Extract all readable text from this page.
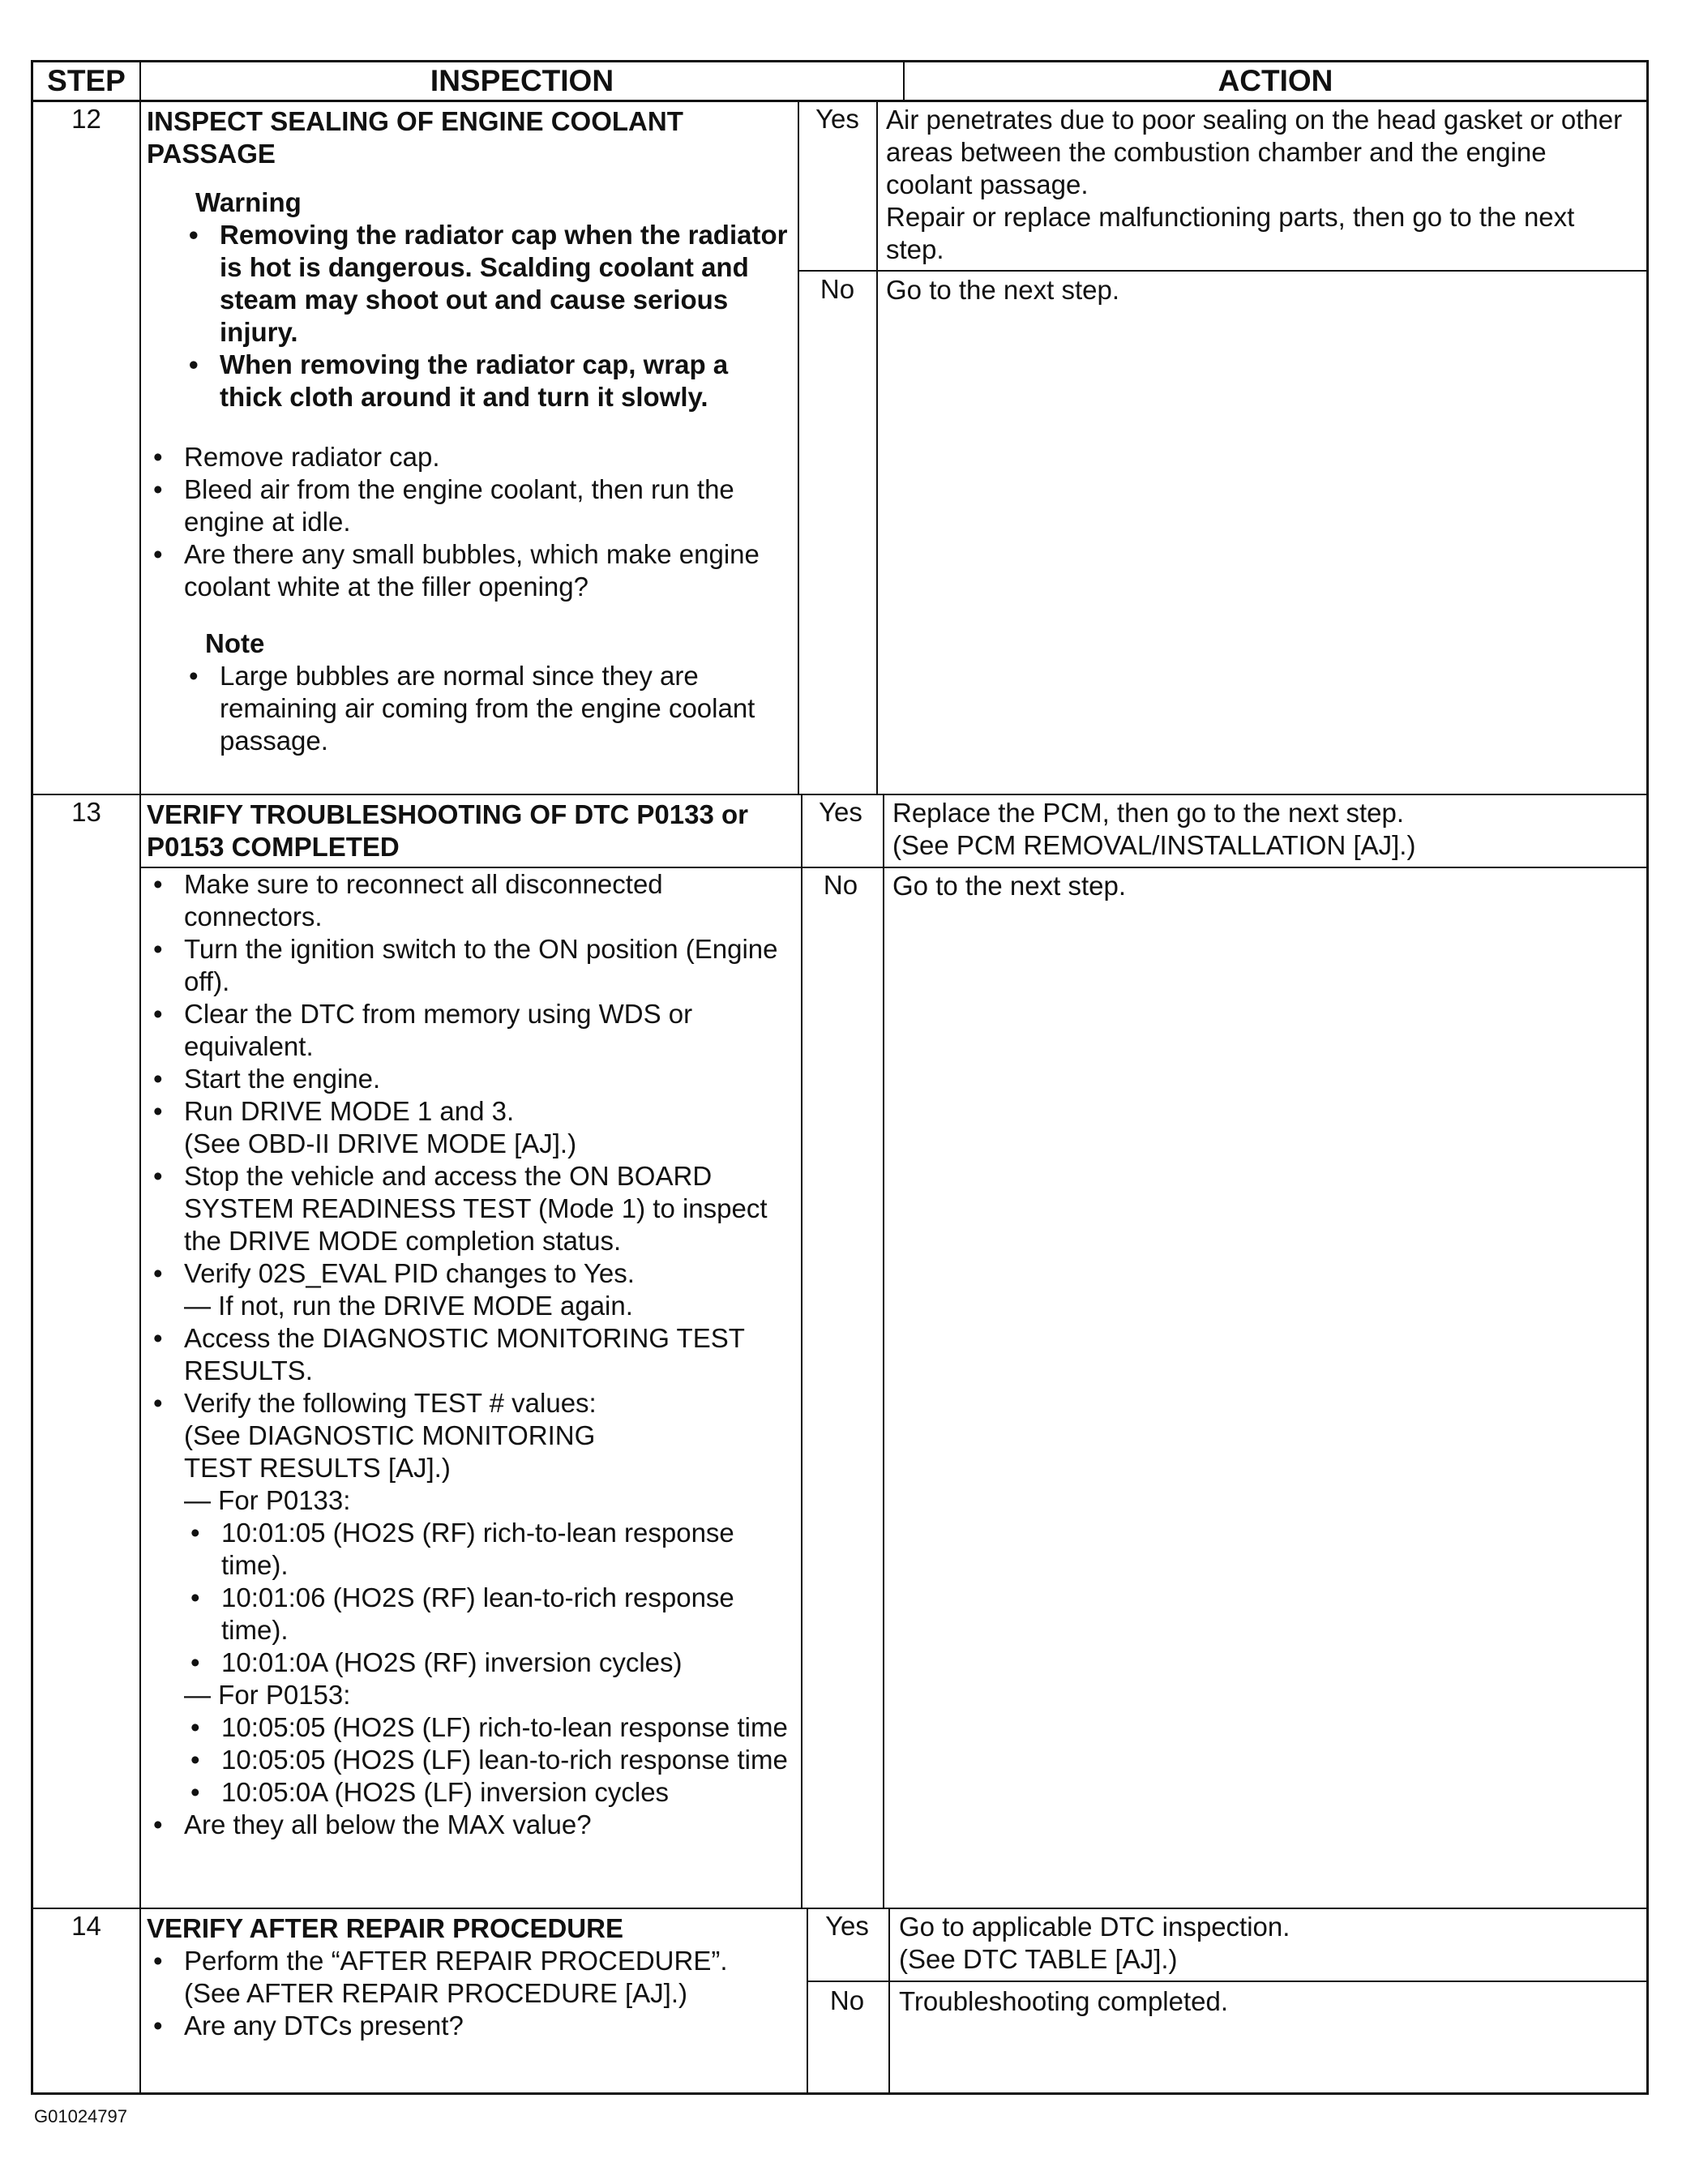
STEP	INSPECTION	ACTION
12	INSPECT SEALING OF ENGINE COOLANT
PASSAGE
Warning
• Removing the radiator cap when the radiator is hot is dangerous. Scalding coolant and steam may shoot out and cause serious injury.
• When removing the radiator cap, wrap a thick cloth around it and turn it slowly.
• Remove radiator cap.
• Bleed air from the engine coolant, then run the engine at idle.
• Are there any small bubbles, which make engine coolant white at the filler opening?
Note
• Large bubbles are normal since they are remaining air coming from the engine coolant passage.
Yes	Air penetrates due to poor sealing on the head gasket or other areas between the combustion chamber and the engine coolant passage.
Repair or replace malfunctioning parts, then go to the next step.
No	Go to the next step.
13	VERIFY TROUBLESHOOTING OF DTC P0133 or
P0153 COMPLETED
• Make sure to reconnect all disconnected connectors.
• Turn the ignition switch to the ON position (Engine off).
• Clear the DTC from memory using WDS or equivalent.
• Start the engine.
• Run DRIVE MODE 1 and 3.
(See OBD-II DRIVE MODE [AJ].)
• Stop the vehicle and access the ON BOARD SYSTEM READINESS TEST (Mode 1) to inspect the DRIVE MODE completion status.
• Verify 02S_EVAL PID changes to Yes.
— If not, run the DRIVE MODE again.
• Access the DIAGNOSTIC MONITORING TEST RESULTS.
• Verify the following TEST # values:
(See DIAGNOSTIC MONITORING
TEST RESULTS [AJ].)
— For P0133:
• 10:01:05 (HO2S (RF) rich-to-lean response time).
• 10:01:06 (HO2S (RF) lean-to-rich response time).
• 10:01:0A (HO2S (RF) inversion cycles)
— For P0153:
• 10:05:05 (HO2S (LF) rich-to-lean response time
• 10:05:05 (HO2S (LF) lean-to-rich response time
• 10:05:0A (HO2S (LF) inversion cycles
• Are they all below the MAX value?
Yes	Replace the PCM, then go to the next step.
(See PCM REMOVAL/INSTALLATION [AJ].)
No	Go to the next step.
14	VERIFY AFTER REPAIR PROCEDURE
• Perform the “AFTER REPAIR PROCEDURE”.
(See AFTER REPAIR PROCEDURE [AJ].)
• Are any DTCs present?
Yes	Go to applicable DTC inspection.
(See DTC TABLE [AJ].)
No	Troubleshooting completed.
G01024797
